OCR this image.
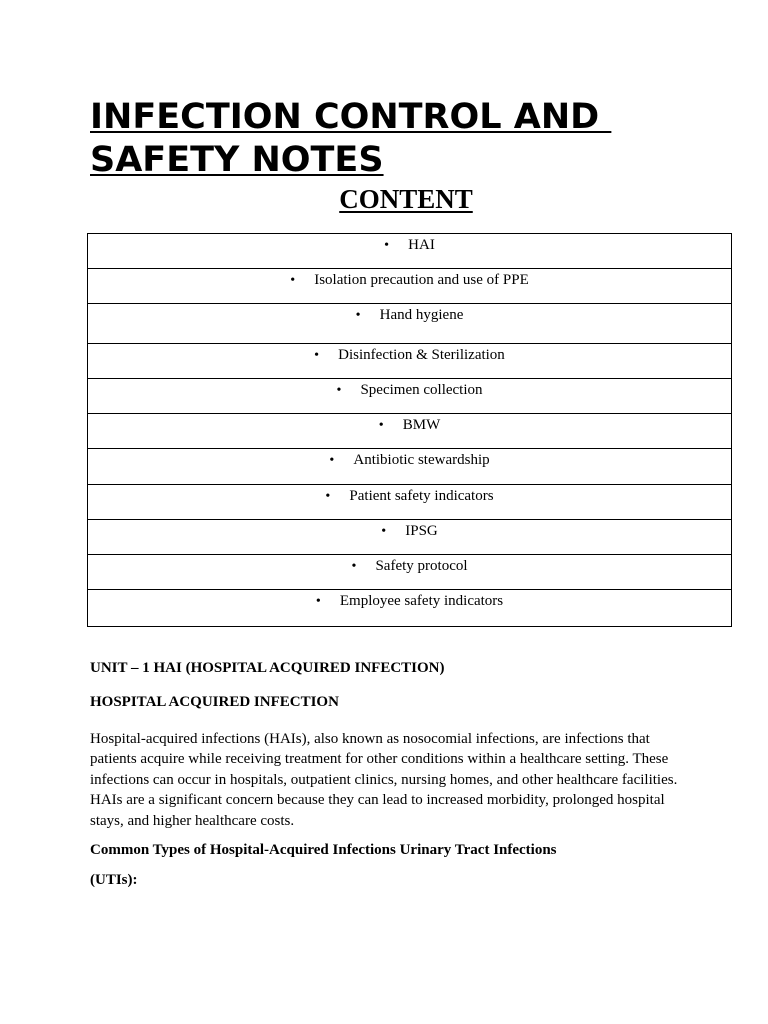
INFECTION CONTROL AND
SAFETY NOTES
CONTENT
• HAI
• Isolation precaution and use of PPE
• Hand hygiene
• Disinfection & Sterilization
• Specimen collection
• BMW
• Antibiotic stewardship
• Patient safety indicators
• IPSG
• Safety protocol
• Employee safety indicators

UNIT – 1 HAI (HOSPITAL ACQUIRED INFECTION)

HOSPITAL ACQUIRED INFECTION

Hospital-acquired infections (HAIs), also known as nosocomial infections, are infections that patients acquire while receiving treatment for other conditions within a healthcare setting. These infections can occur in hospitals, outpatient clinics, nursing homes, and other healthcare facilities. HAIs are a significant concern because they can lead to increased morbidity, prolonged hospital stays, and higher healthcare costs.

Common Types of Hospital-Acquired Infections Urinary Tract Infections

(UTIs):
